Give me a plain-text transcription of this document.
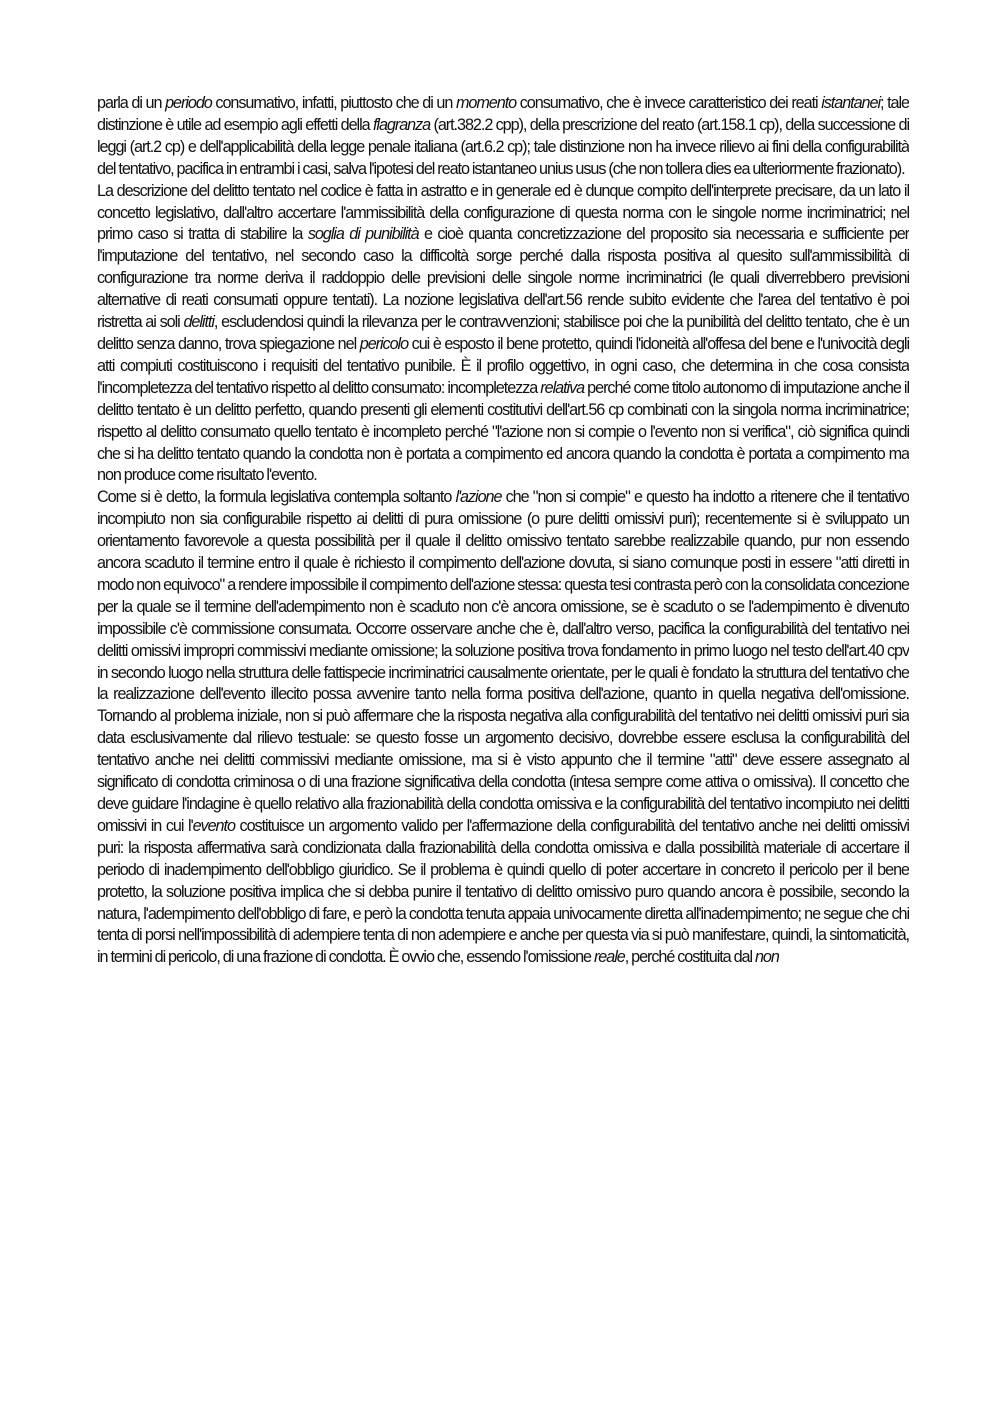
parla di un periodo consumativo, infatti, piuttosto che di un momento consumativo, che è invece caratteristico dei reati istantanei; tale distinzione è utile ad esempio agli effetti della flagranza (art.382.2 cpp), della prescrizione del reato (art.158.1 cp), della successione di leggi (art.2 cp) e dell'applicabilità della legge penale italiana (art.6.2 cp); tale distinzione non ha invece rilievo ai fini della configurabilità del tentativo, pacifica in entrambi i casi, salva l'ipotesi del reato istantaneo unius usus (che non tollera dies ea ulteriormente frazionato).

La descrizione del delitto tentato nel codice è fatta in astratto e in generale ed è dunque compito dell'interprete precisare, da un lato il concetto legislativo, dall'altro accertare l'ammissibilità della configurazione di questa norma con le singole norme incriminatrici; nel primo caso si tratta di stabilire la soglia di punibilità e cioè quanta concretizzazione del proposito sia necessaria e sufficiente per l'imputazione del tentativo, nel secondo caso la difficoltà sorge perché dalla risposta positiva al quesito sull'ammissibilità di configurazione tra norme deriva il raddoppio delle previsioni delle singole norme incriminatrici (le quali diverrebbero previsioni alternative di reati consumati oppure tentati). La nozione legislativa dell'art.56 rende subito evidente che l'area del tentativo è poi ristretta ai soli delitti, escludendosi quindi la rilevanza per le contravvenzioni; stabilisce poi che la punibilità del delitto tentato, che è un delitto senza danno, trova spiegazione nel pericolo cui è esposto il bene protetto, quindi l'idoneità all'offesa del bene e l'univocità degli atti compiuti costituiscono i requisiti del tentativo punibile. È il profilo oggettivo, in ogni caso, che determina in che cosa consista l'incompletezza del tentativo rispetto al delitto consumato: incompletezza relativa perché come titolo autonomo di imputazione anche il delitto tentato è un delitto perfetto, quando presenti gli elementi costitutivi dell'art.56 cp combinati con la singola norma incriminatrice; rispetto al delitto consumato quello tentato è incompleto perché "l'azione non si compie o l'evento non si verifica", ciò significa quindi che si ha delitto tentato quando la condotta non è portata a compimento ed ancora quando la condotta è portata a compimento ma non produce come risultato l'evento.

Come si è detto, la formula legislativa contempla soltanto l'azione che "non si compie" e questo ha indotto a ritenere che il tentativo incompiuto non sia configurabile rispetto ai delitti di pura omissione (o pure delitti omissivi puri); recentemente si è sviluppato un orientamento favorevole a questa possibilità per il quale il delitto omissivo tentato sarebbe realizzabile quando, pur non essendo ancora scaduto il termine entro il quale è richiesto il compimento dell'azione dovuta, si siano comunque posti in essere "atti diretti in modo non equivoco" a rendere impossibile il compimento dell'azione stessa: questa tesi contrasta però con la consolidata concezione per la quale se il termine dell'adempimento non è scaduto non c'è ancora omissione, se è scaduto o se l'adempimento è divenuto impossibile c'è commissione consumata. Occorre osservare anche che è, dall'altro verso, pacifica la configurabilità del tentativo nei delitti omissivi impropri commissivi mediante omissione; la soluzione positiva trova fondamento in primo luogo nel testo dell'art.40 cpv in secondo luogo nella struttura delle fattispecie incriminatrici causalmente orientate, per le quali è fondato la struttura del tentativo che la realizzazione dell'evento illecito possa avvenire tanto nella forma positiva dell'azione, quanto in quella negativa dell'omissione. Tornando al problema iniziale, non si può affermare che la risposta negativa alla configurabilità del tentativo nei delitti omissivi puri sia data esclusivamente dal rilievo testuale: se questo fosse un argomento decisivo, dovrebbe essere esclusa la configurabilità del tentativo anche nei delitti commissivi mediante omissione, ma si è visto appunto che il termine "atti" deve essere assegnato al significato di condotta criminosa o di una frazione significativa della condotta (intesa sempre come attiva o omissiva). Il concetto che deve guidare l'indagine è quello relativo alla frazionabilità della condotta omissiva e la configurabilità del tentativo incompiuto nei delitti omissivi in cui l'evento costituisce un argomento valido per l'affermazione della configurabilità del tentativo anche nei delitti omissivi puri: la risposta affermativa sarà condizionata dalla frazionabilità della condotta omissiva e dalla possibilità materiale di accertare il periodo di inadempimento dell'obbligo giuridico. Se il problema è quindi quello di poter accertare in concreto il pericolo per il bene protetto, la soluzione positiva implica che si debba punire il tentativo di delitto omissivo puro quando ancora è possibile, secondo la natura, l'adempimento dell'obbligo di fare, e però la condotta tenuta appaia univocamente diretta all'inadempimento; ne segue che chi tenta di porsi nell'impossibilità di adempiere tenta di non adempiere e anche per questa via si può manifestare, quindi, la sintomaticità, in termini di pericolo, di una frazione di condotta. È ovvio che, essendo l'omissione reale, perché costituita dal non
